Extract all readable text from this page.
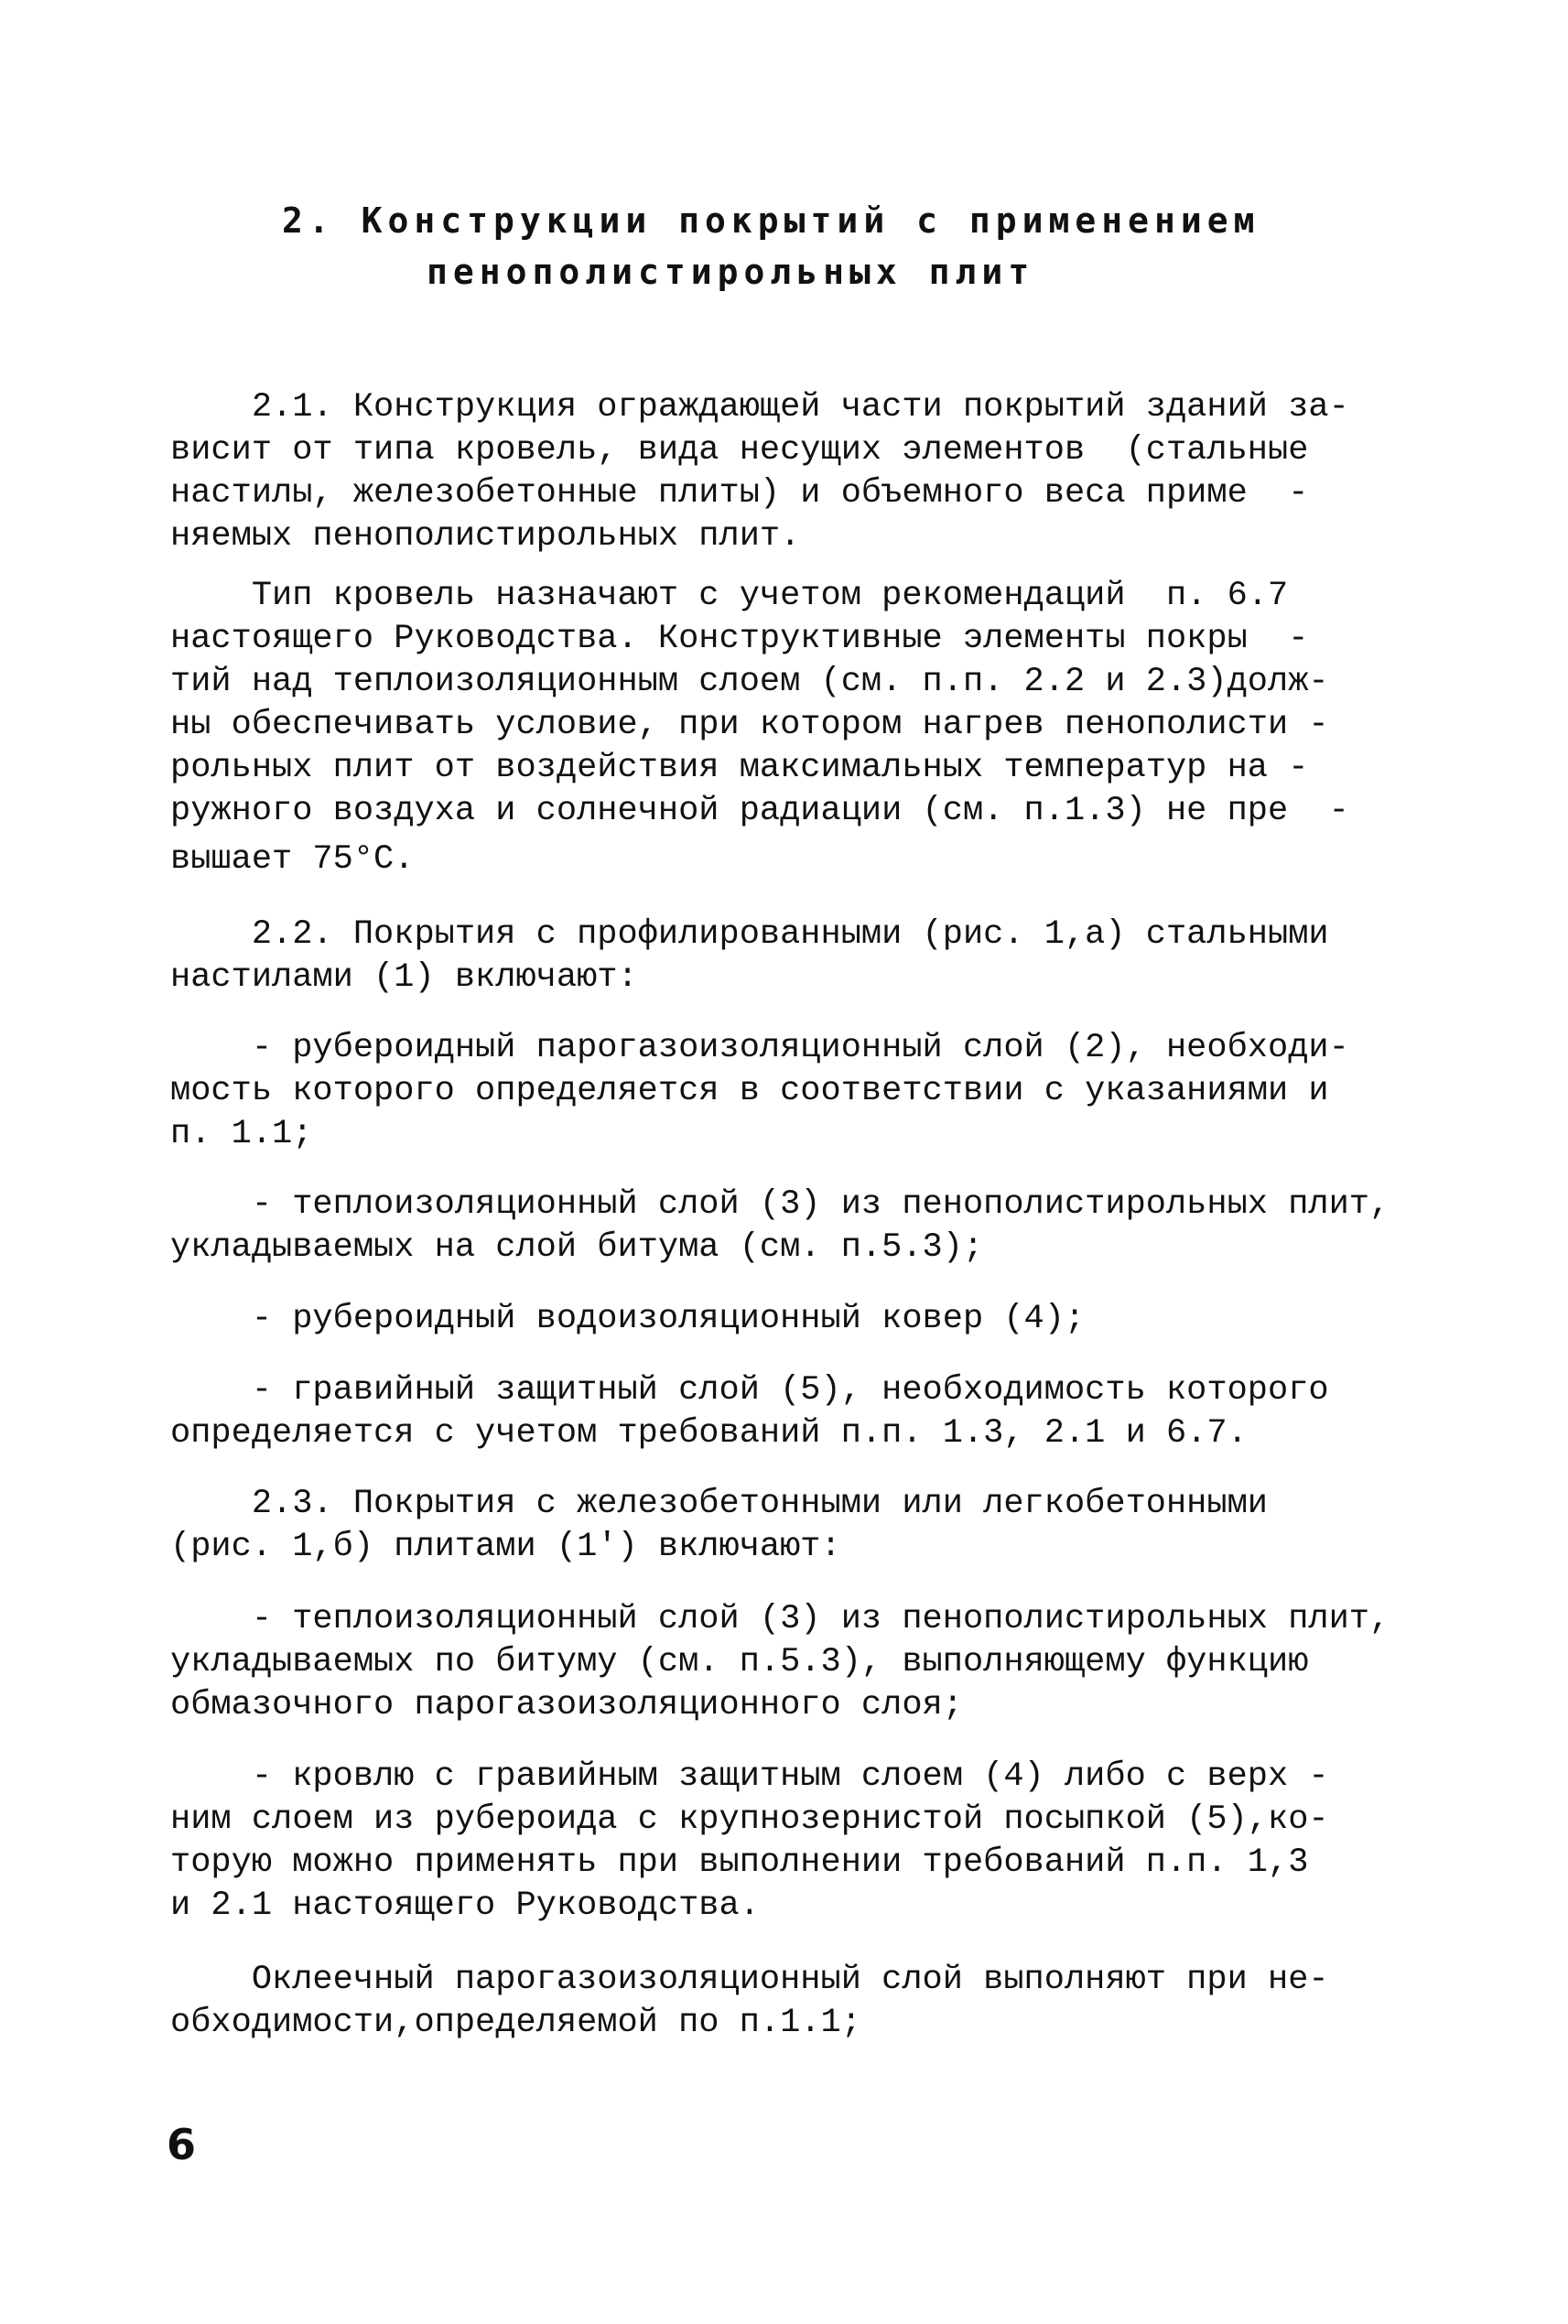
2. Конструкции покрытий с применением
пенополистирольных плит
2.1. Конструкция ограждающей части покрытий зданий за-
висит от типа кровель, вида несущих элементов  (стальные
настилы, железобетонные плиты) и объемного веса приме  -
няемых пенополистирольных плит.
Тип кровель назначают с учетом рекомендаций  п. 6.7
настоящего Руководства. Конструктивные элементы покры  -
тий над теплоизоляционным слоем (см. п.п. 2.2 и 2.3)долж-
ны обеспечивать условие, при котором нагрев пенополисти -
рольных плит от воздействия максимальных температур на -
ружного воздуха и солнечной радиации (см. п.1.3) не пре  -
вышает 75°С.
2.2. Покрытия с профилированными (рис. 1,а) стальными
настилами (1) включают:
- рубероидный парогазоизоляционный слой (2), необходи-
мость которого определяется в соответствии с указаниями и
п. 1.1;
- теплоизоляционный слой (3) из пенополистирольных плит,
укладываемых на слой битума (см. п.5.3);
- рубероидный водоизоляционный ковер (4);
- гравийный защитный слой (5), необходимость которого
определяется с учетом требований п.п. 1.3, 2.1 и 6.7.
2.3. Покрытия с железобетонными или легкобетонными
(рис. 1,б) плитами (1′) включают:
- теплоизоляционный слой (3) из пенополистирольных плит,
укладываемых по битуму (см. п.5.3), выполняющему функцию
обмазочного парогазоизоляционного слоя;
- кровлю с гравийным защитным слоем (4) либо с верх -
ним слоем из рубероида с крупнозернистой посыпкой (5),ко-
торую можно применять при выполнении требований п.п. 1,3
и 2.1 настоящего Руководства.
Оклеечный парогазоизоляционный слой выполняют при не-
обходимости,определяемой по п.1.1;
6
